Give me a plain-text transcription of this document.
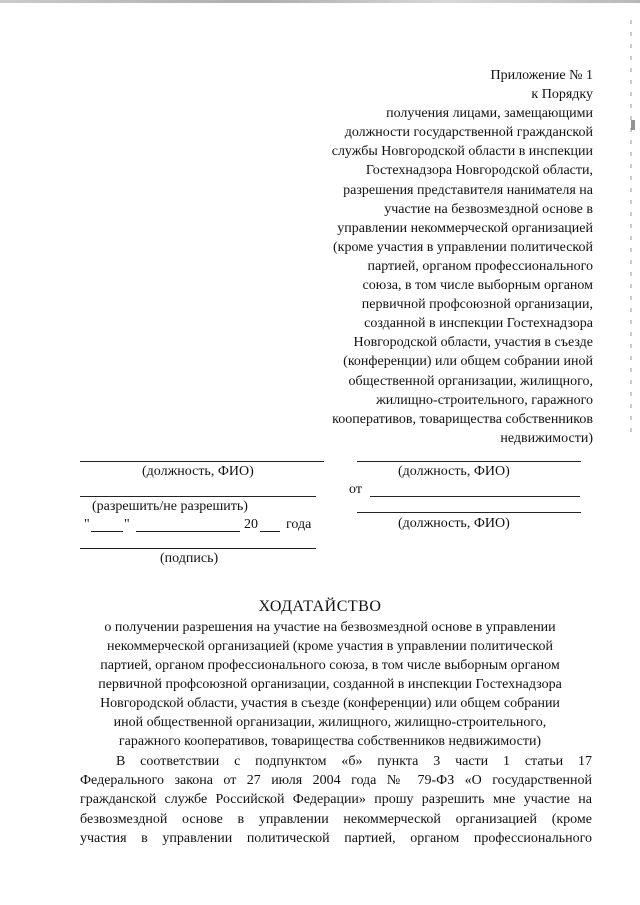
Приложение № 1
к Порядку
получения лицами, замещающими
должности государственной гражданской
службы Новгородской области в инспекции
Гостехнадзора Новгородской области,
разрешения представителя нанимателя на
участие на безвозмездной основе в
управлении некоммерческой организацией
(кроме участия в управлении политической
партией, органом профессионального
союза, в том числе выборным органом
первичной профсоюзной организации,
созданной в инспекции Гостехнадзора
Новгородской области, участия в съезде
(конференции) или общем собрании иной
общественной организации, жилищного,
жилищно-строительного, гаражного
кооперативов, товарищества собственников
недвижимости)
(должность, ФИО)
(разрешить/не разрешить)
" "	20 года
(подпись)
(должность, ФИО)
от
(должность, ФИО)
ХОДАТАЙСТВО
о получении разрешения на участие на безвозмездной основе в управлении
некоммерческой организацией (кроме участия в управлении политической
партией, органом профессионального союза, в том числе выборным органом
первичной профсоюзной организации, созданной в инспекции Гостехнадзора
Новгородской области, участия в съезде (конференции) или общем собрании
иной общественной организации, жилищного, жилищно-строительного,
гаражного кооперативов, товарищества собственников недвижимости)
В соответствии с подпунктом «б» пункта 3 части 1 статьи 17
Федерального закона от 27 июля 2004 года № 79-ФЗ «О государственной
гражданской службе Российской Федерации» прошу разрешить мне участие на
безвозмездной основе в управлении некоммерческой организацией (кроме
участия в управлении политической партией, органом профессионального
